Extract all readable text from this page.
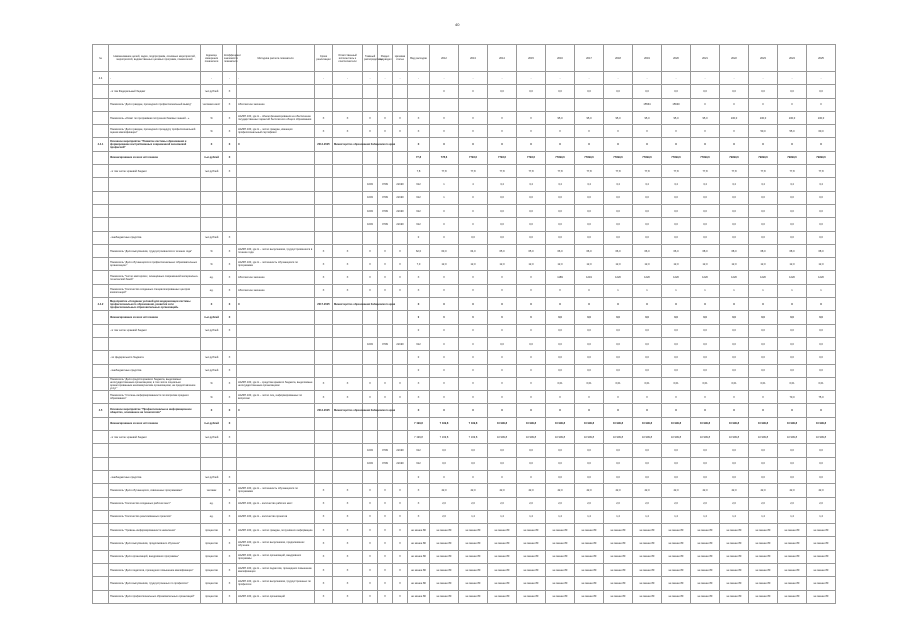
40
№	Наименование целей, задач, подпрограмм, основных мероприятий, мероприятий, ведомственных целевых программ, показателей	Единица измерения показателя	Коэффициент значимости показателя	Методика расчета показателя	Сроки реализации	Ответственный исполнитель и соисполнители	Главный распорядитель	Раздел подраздел	Целевая статья	Вид расходов	2012	2013	2014	2015	2016	2017	2018	2019	2020	2021	2022	2023	2024	2025	
4.4	-	-	-	-	-	-	-	-	-	-	-	-	-	-	-	-	-	-	-	-	-	-	-	-	
	- в том Федеральный бюджет	тыс.рублей	Х								0	0	0,0	0,0	0,0	0,0	0,0	0,0	0,0	0,0	0,0	0,0	0,0	0,0	
	Показатель "Доля граждан, прошедших профессиональный вывод"	человеко-мест	Х	Абсолютное значение														15564	15630	0	0	0	0	0	
	Показатель «Охват по программам получения базовых знаний...»	%	Х	НА/ЯП·100, где Н – объём финансирования на обеспечение государственных гарантий бесплатного общего образования	Х	Х	Х	Х	Х	Х	Х	Х	Х	Х	95,0	95,0	95,0	95,0	95,0	95,0	100,0	100,0	100,0	100,0	
	Показатель "Доля граждан, прошедших процедуру профессиональной оценки квалификации"	%	Х	НА/ЯП·100, где Н – число граждан, имеющих профессиональный сертификат	Х	Х	Х	Х	Х	Х	Х	Х	Х	Х	Х	Х	Х	Х	Х	Х	Х	50,0	55,0	60,0	
4.4.1	Основное мероприятие "Развитие системы образования и формирование востребованных современной экономикой профессий"	Х	Х	Х	2014-2025	Министерство образования Хабаровского края				Х	Х	Х	Х	Х	Х	Х	Х	Х	Х	Х	Х	Х	Х	Х	
	Финансирование из всех источников	тыс.рублей	Х							77,8	778,6	7793,6	7793,6	7793,6	77999,6	77999,6	77999,6	77999,6	77999,6	77999,6	79999,6	79999,6	79999,6	79999,6	
	- в том числе: краевой бюджет	тыс.рублей	Х							7,8	77,8	77,8	77,8	77,8	77,8	77,8	77,8	77,8	77,8	77,8	77,8	77,8	77,8	77,8	
							1003	0709	22190	612	1	4	3,4	3,4	3,4	3,4	3,4	3,4	3,4	3,4	3,4	3,4	3,4	3,4	
							1003	0709	22190	612	1	0	0,0	0,0	0,0	0,0	0,0	0,0	0,0	0,0	0,0	0,0	0,0	0,0	
							1003	0709	22190	612	0	0	0,0	0,0	0,0	0,0	0,0	0,0	0,0	0,0	0,0	0,0	0,0	0,0	
							1003	0709	22190	612	0	0	0,0	0,0	0,0	0,0	0,0	0,0	0,0	0,0	0,0	0,0	0,0	0,0	
	- внебюджетные средства	тыс.рублей	Х							0	0	0,0	0,0	0,0	0,0	0,0	0,0	0,0	0,0	0,0	0,0	0,0	0,0	0,0	
	Показатель "Доля выпускников, трудоустроившихся в течение года"	%	Х	НА/ЯП·100, где Н – число выпускников, трудоустроившихся в течение года	Х	Х	Х	Х	Х	62,0	63,0	64,0	65,0	65,0	66,0	66,0	66,0	66,0	66,0	68,0	68,0	68,0	68,0	68,0	
	Показатель "Доля обучающихся в профессиональных образовательных организациях"	%	Х	НА/ЯП·100, где Н – численность обучающихся по программам	Х	Х	Х	Х	Х	7,0	12,0	12,0	12,0	12,0	12,0	12,0	12,0	12,0	12,0	12,0	12,0	12,0	12,0	12,0	
	Показатель "Число мастерских, оснащённых современной материально-технической базой"	ед.	Х	Абсолютное значение	Х	Х	Х	Х	Х	Х	Х	Х	Х	Х	1189	1219	1220	1220	1220	1220	1220	1220	1220	1220	
	Показатель "Количество созданных специализированных центров компетенций"	ед.	Х	Абсолютное значение	Х	Х	Х	Х	Х	Х	Х	Х	Х	Х	Х	0	1	1	1	1	1	1	1	1	
4.4.2	Мероприятие «Создание условий для модернизации системы профессионального образования, развития сети профессиональных образовательных организаций»	Х	Х	Х	2017-2025	Министерство образования Хабаровского края				Х	Х	Х	Х	Х	Х	Х	Х	Х	Х	Х	Х	Х	Х	Х	
	Финансирование из всех источников	тыс.рублей	Х							0	0	0	0	0	0,0	0,0	0,0	0,0	0,0	0,0	0,0	0,0	0,0	0,0	
	- в том числе: краевой бюджет	тыс.рублей	Х							0	0	0	0	0	0,0	0,0	0,0	0,0	0,0	0,0	0,0	0,0	0,0	0,0	
							1003	0709	22190	612	0	0	0,0	0,0	0,0	0,0	0,0	0,0	0,0	0,0	0,0	0,0	0,0	0,0	
	- из федерального бюджета	тыс.рублей	Х							0	0	0	0	0	0,0	0,0	0,0	0,0	0,0	0,0	0,0	0,0	0,0	0,0	
	- внебюджетные средства	тыс.рублей	Х							0	0	0	0	0	0,0	0,0	0,0	0,0	0,0	0,0	0,0	0,0	0,0	0,0	
	Показатель "Доля средств краевого бюджета, выделяемых негосударственным организациям, в том числе социально ориентированным некоммерческим организациям, на предоставление услуг"	%	Х	НА/ЯП·100, где Н – средства краевого бюджета, выделяемые негосударственным организациям	Х	Х	Х	Х	Х	Х	Х	Х	Х	Х	0,01	0,01	0,01	0,01	0,01	0,01	0,01	0,01	0,01	0,01	
	Показатель "Степень информированности по вопросам среднего образования"	%	Х	НА/ЯП·100, где Н – число лиц, информированных по вопросам	Х	Х	Х	Х	Х	Х	Х	Х	Х	Х	Х	Х	Х	Х	Х	Х	Х	Х	70,0	75,0	
4.5	Основное мероприятие "Профессиональное информационное общество, основанное на технологиях"	Х	Х	Х	2014-2025	Министерство образования Хабаровского края				Х	Х	Х	Х	Х	Х	Х	Х	Х	Х	Х	Х	Х	Х	Х	
	Финансирование из всех источников	тыс.рублей	Х							7 199,8	7 199,8	7 199,8	10 999,8	10 999,8	10 999,8	10 999,8	10 999,8	10 999,8	10 999,8	10 999,8	10 999,8	10 999,8	10 999,8	10 999,8	
	- в том числе: краевой бюджет	тыс.рублей	Х							7 199,8	7 199,8	7 199,8	10 999,8	10 999,8	10 999,8	10 999,8	10 999,8	10 999,8	10 999,8	10 999,8	10 999,8	10 999,8	10 999,8	10 999,8	
							1003	0709	22190	612	0,0	0,0	0,0	0,0	0,0	0,0	0,0	0,0	0,0	0,0	0,0	0,0	0,0	0,0	
							1003	0709	22190	612	0,0	0,0	0,0	0,0	0,0	0,0	0,0	0,0	0,0	0,0	0,0	0,0	0,0	0,0	
	- внебюджетные средства	тыс.рублей	Х							0	0	0	0	0	0,0	0,0	0,0	0,0	0,0	0,0	0,0	0,0	0,0	0,0	
	Показатель "Доля обучающихся, охваченных программами"	человек	Х	НА/ЯП·100, где Н – численность обучающихся по программам	Х	Х	Х	Х	Х	Х	42,0	42,0	42,0	42,0	42,0	42,0	42,0	42,0	42,0	42,0	42,0	42,0	42,0	42,0	
	Показатель "Количество созданных рабочих мест"	ед.	Х	НА/ЯП·100, где Н – количество рабочих мест	Х	Х	Х	Х	Х	Х	2,0	2,0	2,0	2,0	2,0	2,0	2,0	2,0	2,0	2,0	2,0	2,0	2,0	2,0	
	Показатель "Количество реализованных проектов"	ед.	Х	НА/ЯП·100, где Н – количество проектов	Х	Х	Х	Х	Х	Х	2,0	1,4	1,4	1,4	1,4	1,4	1,4	1,4	1,4	1,4	1,4	1,4	1,4	1,4	
	Показатель "Уровень информированности населения"	процентов	Х	НА/ЯП·100, где Н – число граждан, получивших информацию	Х	Х	Х	Х	Х	не менее 80	не менее 80	не менее 80	не менее 80	не менее 80	не менее 80	не менее 80	не менее 80	не менее 80	не менее 80	не менее 80	не менее 80	не менее 80	не менее 80	не менее 80	
	Показатель "Доля выпускников, продолживших обучение"	процентов	Х	НА/ЯП·100, где Н – число выпускников, продолживших обучение	Х	Х	Х	Х	Х	не менее 80	не менее 80	не менее 80	не менее 80	не менее 80	не менее 80	не менее 80	не менее 80	не менее 80	не менее 80	не менее 80	не менее 80	не менее 80	не менее 80	не менее 80	
	Показатель "Доля организаций, внедривших программы"	процентов	Х	НА/ЯП·100, где Н – число организаций, внедривших программы	Х	Х	Х	Х	Х	не менее 80	не менее 80	не менее 80	не менее 80	не менее 80	не менее 80	не менее 80	не менее 80	не менее 80	не менее 80	не менее 80	не менее 80	не менее 80	не менее 80	не менее 80	
	Показатель "Доля педагогов, прошедших повышение квалификации"	процентов	Х	НА/ЯП·100, где Н – число педагогов, прошедших повышение квалификации	Х	Х	Х	Х	Х	не менее 80	не менее 80	не менее 80	не менее 80	не менее 80	не менее 80	не менее 80	не менее 80	не менее 80	не менее 80	не менее 80	не менее 80	не менее 80	не менее 80	не менее 80	
	Показатель "Доля выпускников, трудоустроенных по профессии"	процентов	Х	НА/ЯП·100, где Н – число выпускников, трудоустроенных по профессии	Х	Х	Х	Х	Х	не менее 80	не менее 80	не менее 80	не менее 80	не менее 80	не менее 80	не менее 80	не менее 80	не менее 80	не менее 80	не менее 80	не менее 80	не менее 80	не менее 80	не менее 80	
	Показатель "Доля профессиональных образовательных организаций"	процентов	Х	НА/ЯП·100, где Н – число организаций	Х	Х	Х	Х	Х	не менее 80	не менее 80	не менее 80	не менее 80	не менее 80	не менее 80	не менее 80	не менее 80	не менее 80	не менее 80	не менее 80	не менее 80	не менее 80	не менее 80	не менее 80	
